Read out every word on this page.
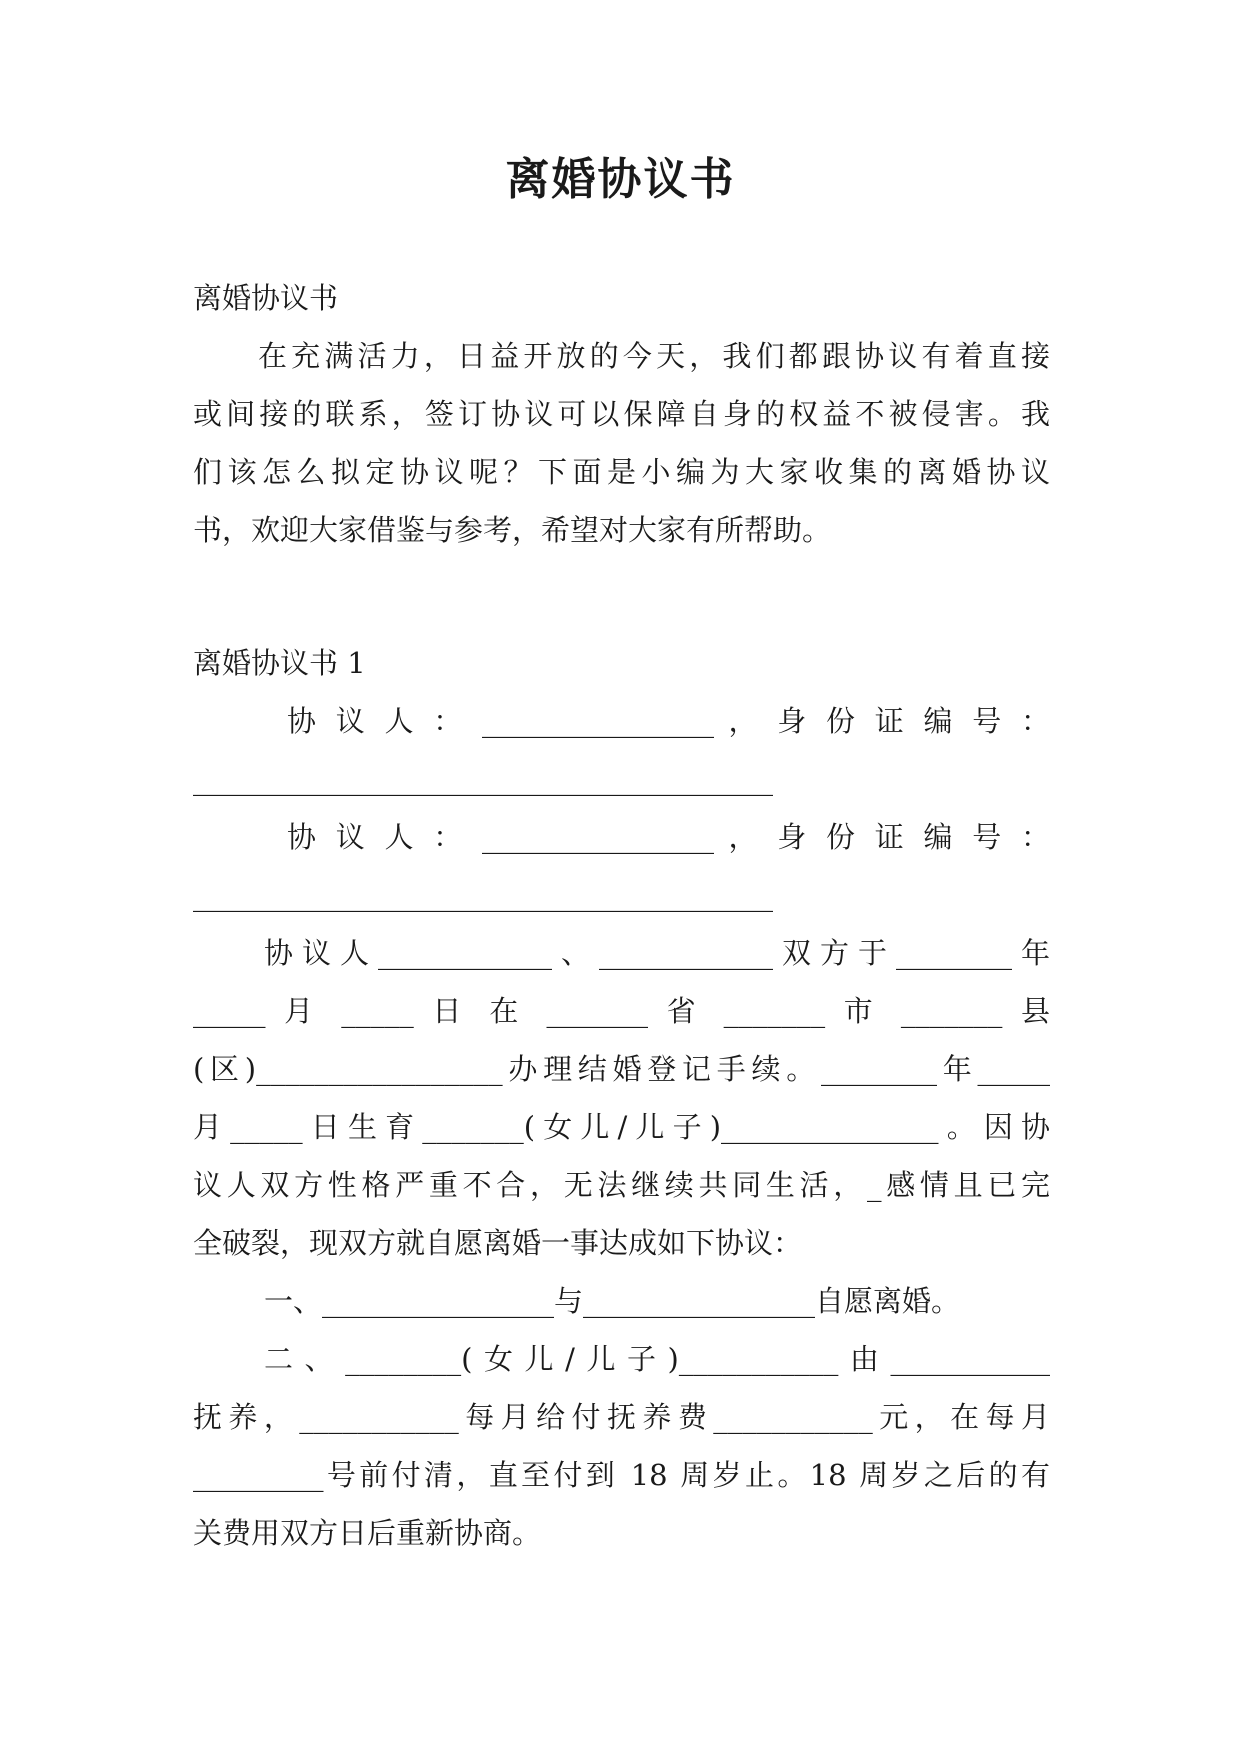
离婚协议书
离婚协议书
在充满活力，日益开放的今天，我们都跟协议有着直接
或间接的联系，签订协议可以保障自身的权益不被侵害。我
们该怎么拟定协议呢？下面是小编为大家收集的离婚协议
书，欢迎大家借鉴与参考，希望对大家有所帮助。
离婚协议书 1
协 议 人 ： ________________ ， 身 份 证 编 号 ：
________________________________________
协 议 人 ： ________________ ， 身 份 证 编 号 ：
________________________________________
协议人____________、____________双方于________年
_____ 月 _____ 日 在 _______ 省 _______ 市 _______ 县
(区)_________________办理结婚登记手续。________年_____
月_____日生育_______(女儿/儿子)_______________。因协
议人双方性格严重不合，无法继续共同生活，_感情且已完
全破裂，现双方就自愿离婚一事达成如下协议：
一、________________与________________自愿离婚。
二、________(女儿/儿子)___________由___________
抚养，___________每月给付抚养费___________元，在每月
_________号前付清，直至付到 18 周岁止。18 周岁之后的有
关费用双方日后重新协商。
